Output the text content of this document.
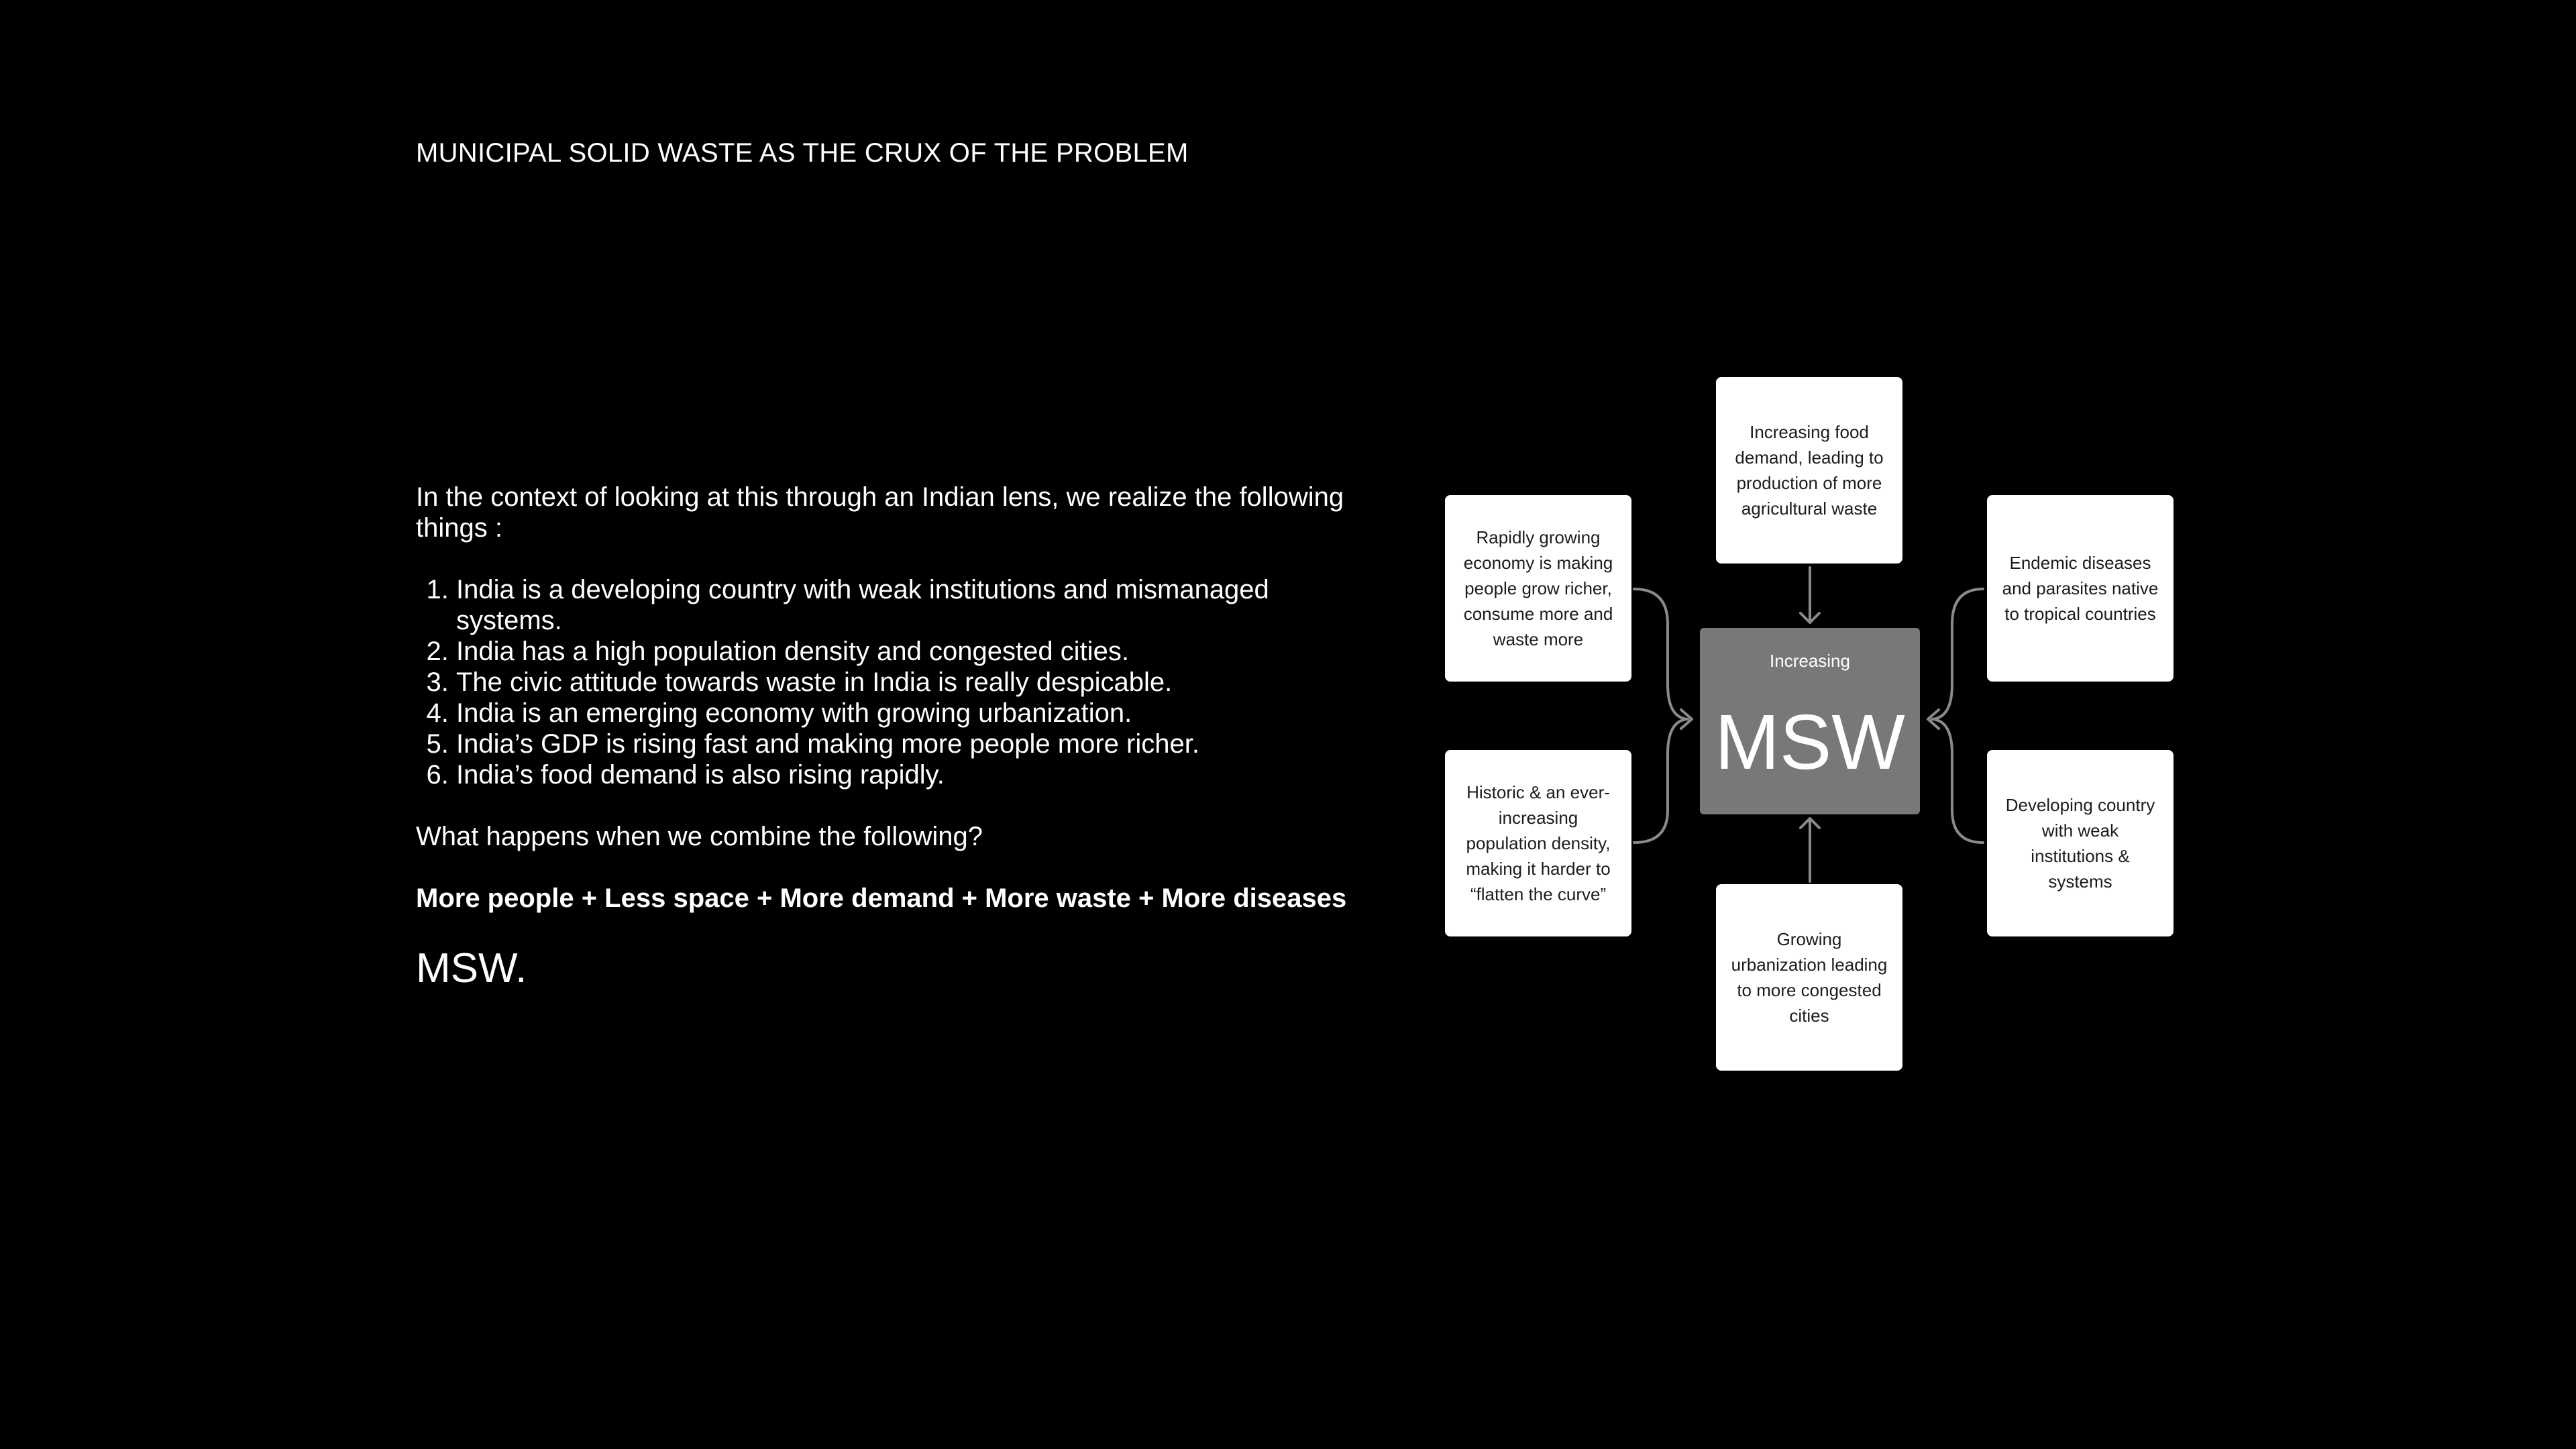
MUNICIPAL SOLID WASTE AS THE CRUX OF THE PROBLEM

In the context of looking at this through an Indian lens, we realize the following things :

1. India is a developing country with weak institutions and mismanaged systems.
2. India has a high population density and congested cities.
3. The civic attitude towards waste in India is really despicable.
4. India is an emerging economy with growing urbanization.
5. India’s GDP is rising fast and making more people more richer.
6. India’s food demand is also rising rapidly.

What happens when we combine the following?

More people + Less space + More demand + More waste + More diseases

MSW.

Increasing food demand, leading to production of more agricultural waste
Rapidly growing economy is making people grow richer, consume more and waste more
Historic & an ever-increasing population density, making it harder to “flatten the curve”
Endemic diseases and parasites native to tropical countries
Developing country with weak institutions & systems
Growing urbanization leading to more congested cities
Increasing
MSW
